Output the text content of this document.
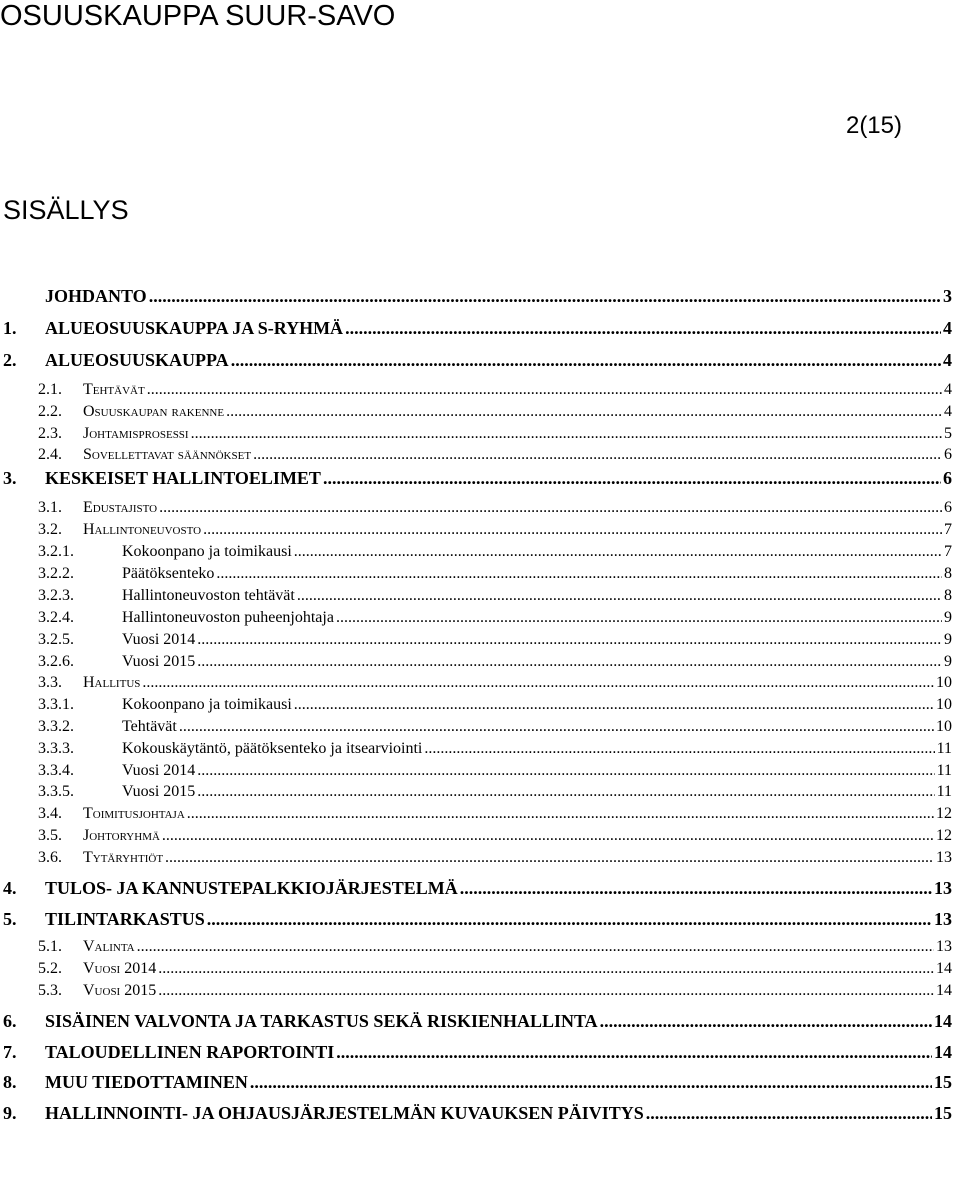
OSUUSKAUPPA SUUR-SAVO
2(15)
SISÄLLYS
JOHDANTO .....	3
1.	ALUEOSUUSKAUPPA JA S-RYHMÄ .....	4
2.	ALUEOSUUSKAUPPA .....	4
2.1.	Tehtävät .....	4
2.2.	Osuuskaupan rakenne .....	4
2.3.	Johtamisprosessi .....	5
2.4.	Sovellettavat säännökset .....	6
3.	KESKEISET HALLINTOELIMET .....	6
3.1.	Edustajisto .....	6
3.2.	Hallintoneuvosto .....	7
3.2.1.	Kokoonpano ja toimikausi .....	7
3.2.2.	Päätöksenteko .....	8
3.2.3.	Hallintoneuvoston tehtävät .....	8
3.2.4.	Hallintoneuvoston puheenjohtaja .....	9
3.2.5.	Vuosi 2014 .....	9
3.2.6.	Vuosi 2015 .....	9
3.3.	Hallitus .....	10
3.3.1.	Kokoonpano ja toimikausi .....	10
3.3.2.	Tehtävät .....	10
3.3.3.	Kokouskäytäntö, päätöksenteko ja itsearviointi .....	11
3.3.4.	Vuosi 2014 .....	11
3.3.5.	Vuosi 2015 .....	11
3.4.	Toimitusjohtaja .....	12
3.5.	Johtoryhmä .....	12
3.6.	Tytäryhtiöt .....	13
4.	TULOS- JA KANNUSTEPALKKIOJÄRJESTELMÄ .....	13
5.	TILINTARKASTUS .....	13
5.1.	Valinta .....	13
5.2.	Vuosi 2014 .....	14
5.3.	Vuosi 2015 .....	14
6.	SISÄINEN VALVONTA JA TARKASTUS SEKÄ RISKIENHALLINTA .....	14
7.	TALOUDELLINEN RAPORTOINTI .....	14
8.	MUU TIEDOTTAMINEN .....	15
9.	HALLINNOINTI- JA OHJAUSJÄRJESTELMÄN KUVAUKSEN PÄIVITYS .....	15
